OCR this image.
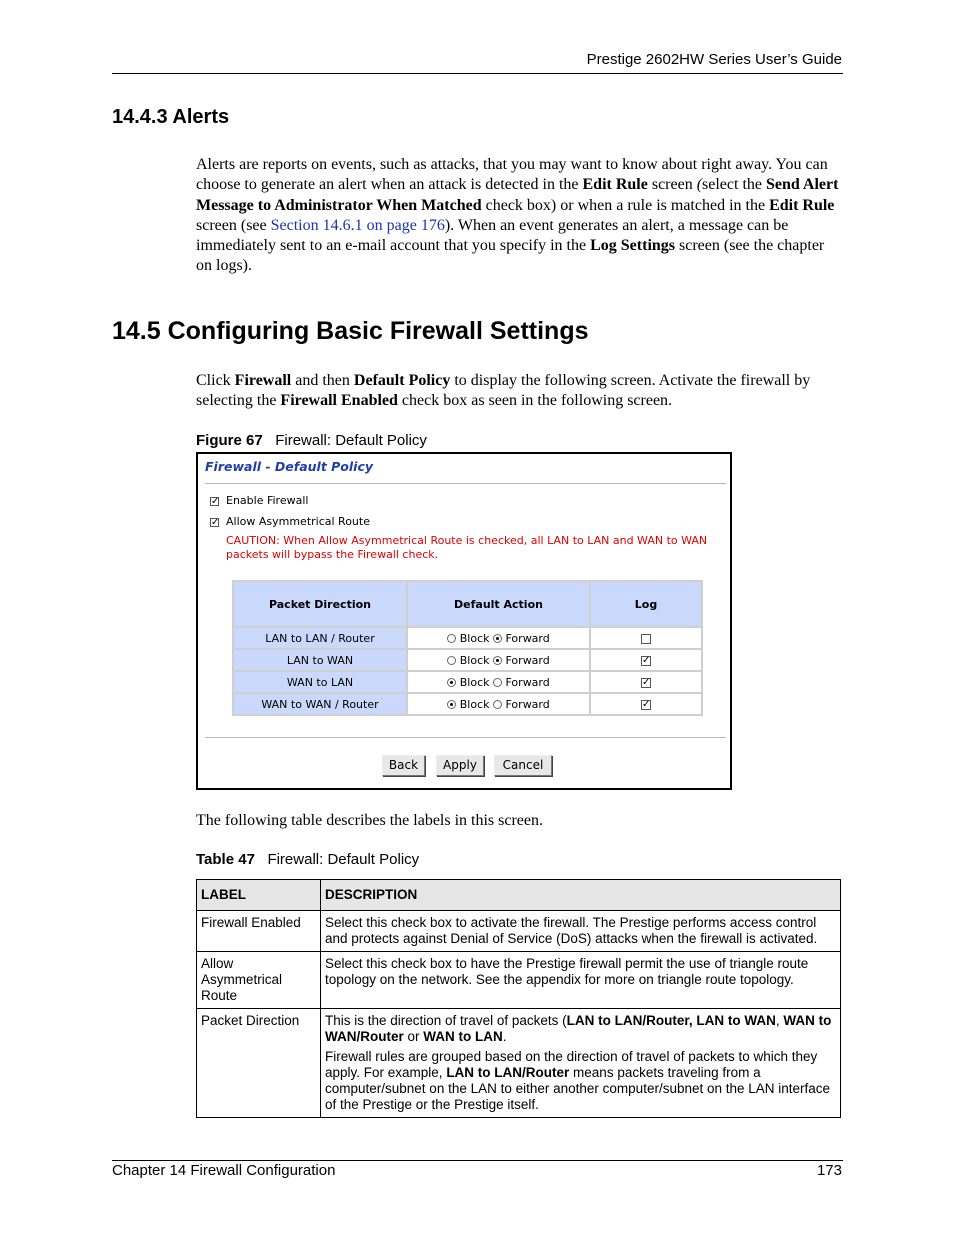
Prestige 2602HW Series User’s Guide
14.4.3 Alerts

Alerts are reports on events, such as attacks, that you may want to know about right away. You can choose to generate an alert when an attack is detected in the Edit Rule screen (select the Send Alert Message to Administrator When Matched check box) or when a rule is matched in the Edit Rule screen (see Section 14.6.1 on page 176). When an event generates an alert, a message can be immediately sent to an e-mail account that you specify in the Log Settings screen (see the chapter on logs).

14.5 Configuring Basic Firewall Settings

Click Firewall and then Default Policy to display the following screen. Activate the firewall by selecting the Firewall Enabled check box as seen in the following screen.

Figure 67 Firewall: Default Policy
Firewall - Default Policy
✓ Enable Firewall
✓ Allow Asymmetrical Route
CAUTION: When Allow Asymmetrical Route is checked, all LAN to LAN and WAN to WAN packets will bypass the Firewall check.
Packet Direction	Default Action	Log
LAN to LAN / Router	Block Forward	
LAN to WAN	Block Forward	✓
WAN to LAN	Block Forward	✓
WAN to WAN / Router	Block Forward	✓
Back	Apply	Cancel

The following table describes the labels in this screen.

Table 47 Firewall: Default Policy
LABEL	DESCRIPTION
Firewall Enabled	Select this check box to activate the firewall. The Prestige performs access control and protects against Denial of Service (DoS) attacks when the firewall is activated.
Allow Asymmetrical Route	Select this check box to have the Prestige firewall permit the use of triangle route topology on the network. See the appendix for more on triangle route topology.
Packet Direction	This is the direction of travel of packets (LAN to LAN/Router, LAN to WAN, WAN to WAN/Router or WAN to LAN.

Firewall rules are grouped based on the direction of travel of packets to which they apply. For example, LAN to LAN/Router means packets traveling from a computer/subnet on the LAN to either another computer/subnet on the LAN interface of the Prestige or the Prestige itself.

Chapter 14 Firewall Configuration	173
